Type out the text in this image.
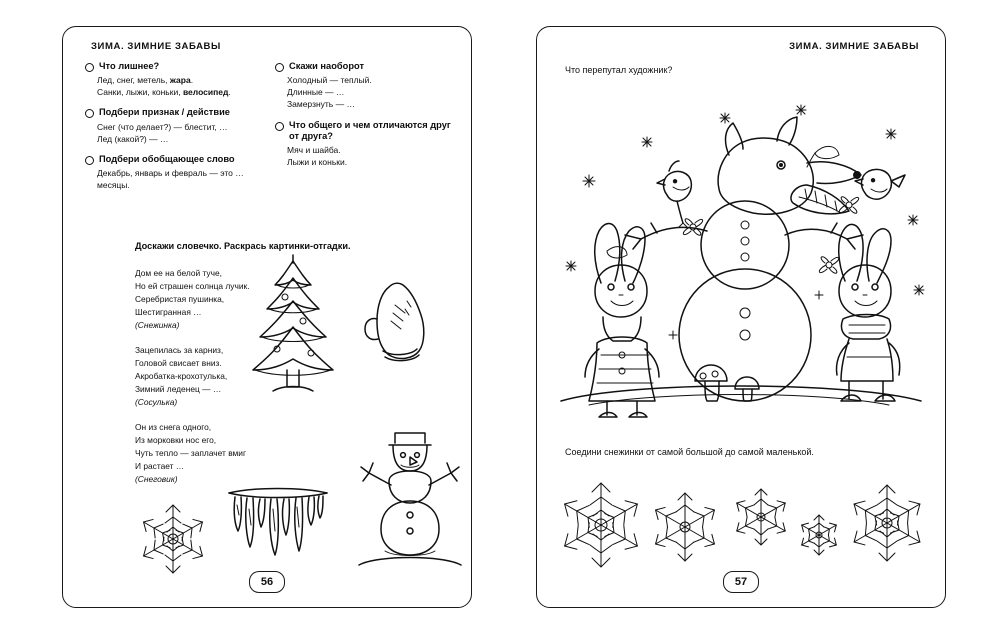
ЗИМА. ЗИМНИЕ ЗАБАВЫ
Что лишнее?
Лед, снег, метель, жара.
Санки, лыжи, коньки, велосипед.
Подбери признак / действие
Снег (что делает?) — блестит, …
Лед (какой?) — …
Подбери обобщающее слово
Декабрь, январь и февраль — это … месяцы.
Скажи наоборот
Холодный — теплый.
Длинные — …
Замерзнуть — …
Что общего и чем отличаются друг от друга?
Мяч и шайба.
Лыжи и коньки.
Доскажи словечко. Раскрась картинки-отгадки.
Дом ее на белой туче,
Но ей страшен солнца лучик.
Серебристая пушинка,
Шестигранная …
(Снежинка)
Зацепилась за карниз,
Головой свисает вниз.
Акробатка-крохотулька,
Зимний леденец — …
(Сосулька)
Он из снега одного,
Из морковки нос его,
Чуть тепло — заплачет вмиг
И растает …
(Снеговик)
56
ЗИМА. ЗИМНИЕ ЗАБАВЫ
Что перепутал художник?
Соедини снежинки от самой большой до самой маленькой.
57
